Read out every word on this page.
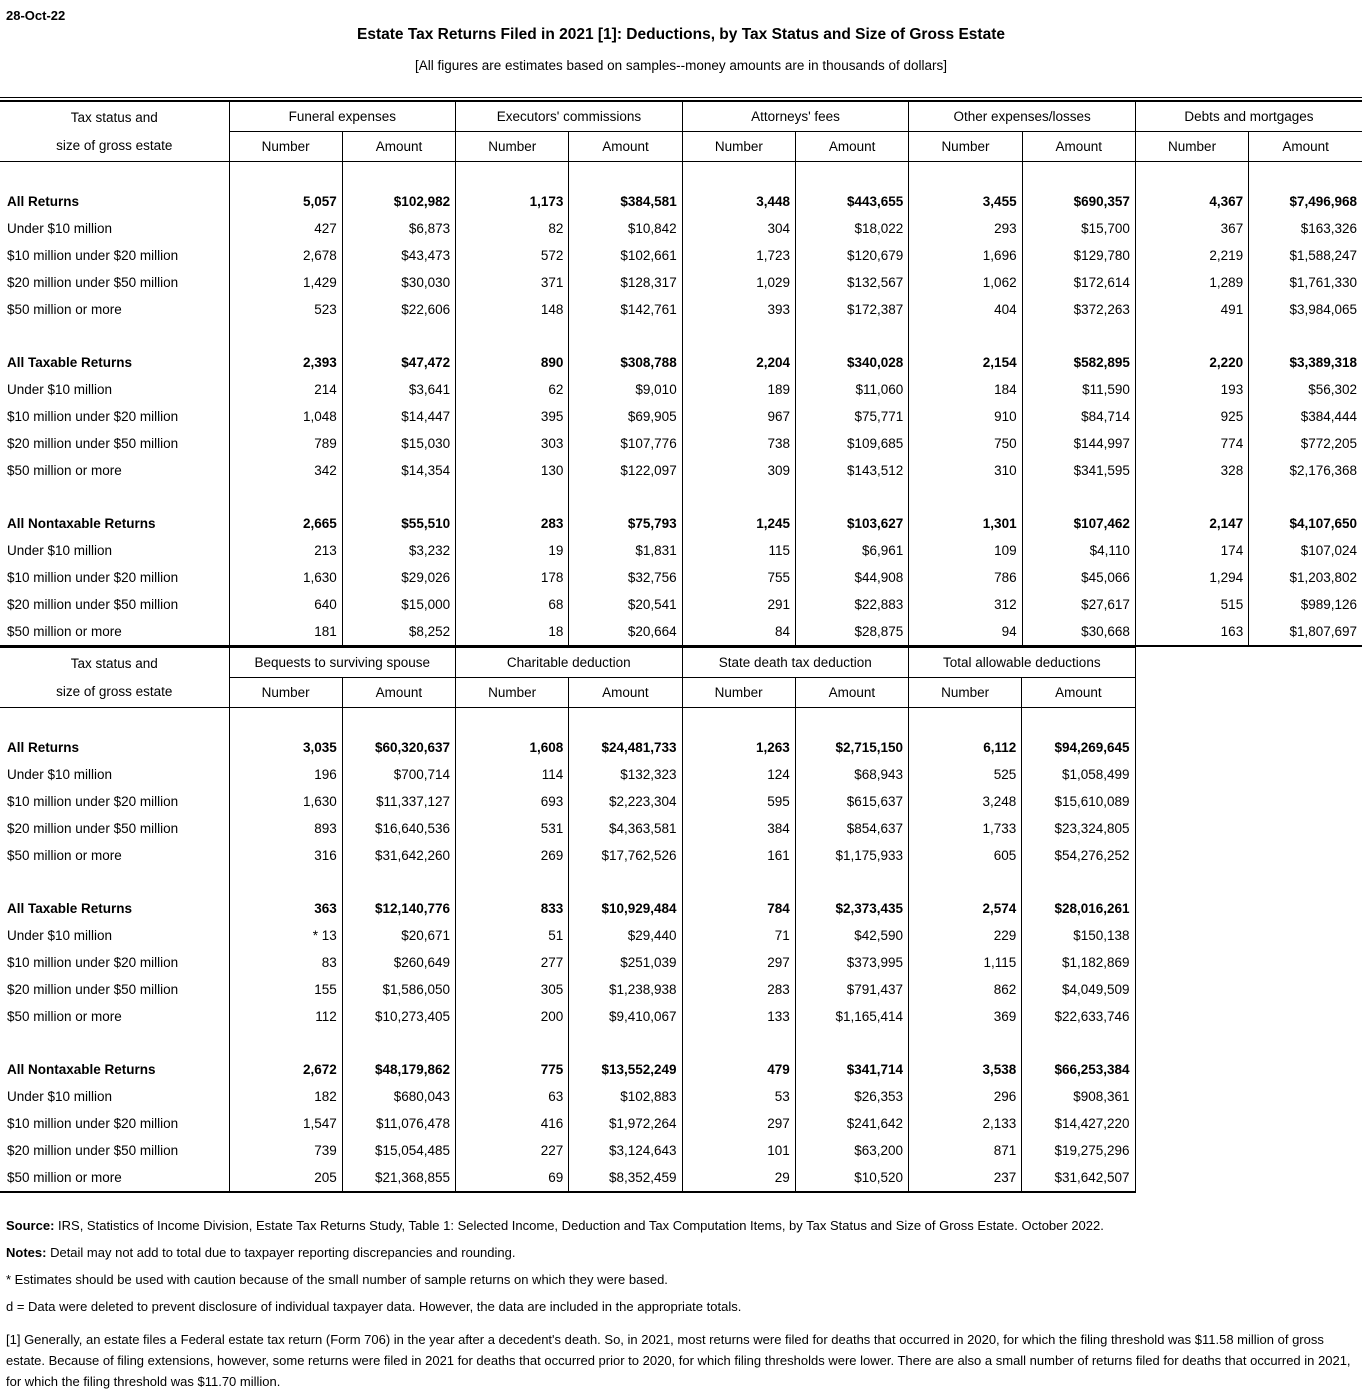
28-Oct-22
Estate Tax Returns Filed in 2021 [1]: Deductions, by Tax Status and Size of Gross Estate
[All figures are estimates based on samples--money amounts are in thousands of dollars]
Tax status and
size of gross estate	Funeral expenses		Executors' commissions		Attorneys' fees		Other expenses/losses		Debts and mortgages	
	Number	Amount	Number	Amount	Number	Amount	Number	Amount	Number	Amount

All Returns	5,057	$102,982	1,173	$384,581	3,448	$443,655	3,455	$690,357	4,367	$7,496,968
Under $10 million	427	$6,873	82	$10,842	304	$18,022	293	$15,700	367	$163,326
$10 million under $20 million	2,678	$43,473	572	$102,661	1,723	$120,679	1,696	$129,780	2,219	$1,588,247
$20 million under $50 million	1,429	$30,030	371	$128,317	1,029	$132,567	1,062	$172,614	1,289	$1,761,330
$50 million or more	523	$22,606	148	$142,761	393	$172,387	404	$372,263	491	$3,984,065

All Taxable Returns	2,393	$47,472	890	$308,788	2,204	$340,028	2,154	$582,895	2,220	$3,389,318
Under $10 million	214	$3,641	62	$9,010	189	$11,060	184	$11,590	193	$56,302
$10 million under $20 million	1,048	$14,447	395	$69,905	967	$75,771	910	$84,714	925	$384,444
$20 million under $50 million	789	$15,030	303	$107,776	738	$109,685	750	$144,997	774	$772,205
$50 million or more	342	$14,354	130	$122,097	309	$143,512	310	$341,595	328	$2,176,368

All Nontaxable Returns	2,665	$55,510	283	$75,793	1,245	$103,627	1,301	$107,462	2,147	$4,107,650
Under $10 million	213	$3,232	19	$1,831	115	$6,961	109	$4,110	174	$107,024
$10 million under $20 million	1,630	$29,026	178	$32,756	755	$44,908	786	$45,066	1,294	$1,203,802
$20 million under $50 million	640	$15,000	68	$20,541	291	$22,883	312	$27,617	515	$989,126
$50 million or more	181	$8,252	18	$20,664	84	$28,875	94	$30,668	163	$1,807,697
Tax status and
size of gross estate	Bequests to surviving spouse		Charitable deduction		State death tax deduction		Total allowable deductions	
	Number	Amount	Number	Amount	Number	Amount	Number	Amount

All Returns	3,035	$60,320,637	1,608	$24,481,733	1,263	$2,715,150	6,112	$94,269,645
Under $10 million	196	$700,714	114	$132,323	124	$68,943	525	$1,058,499
$10 million under $20 million	1,630	$11,337,127	693	$2,223,304	595	$615,637	3,248	$15,610,089
$20 million under $50 million	893	$16,640,536	531	$4,363,581	384	$854,637	1,733	$23,324,805
$50 million or more	316	$31,642,260	269	$17,762,526	161	$1,175,933	605	$54,276,252

All Taxable Returns	363	$12,140,776	833	$10,929,484	784	$2,373,435	2,574	$28,016,261
Under $10 million	* 13	$20,671	51	$29,440	71	$42,590	229	$150,138
$10 million under $20 million	83	$260,649	277	$251,039	297	$373,995	1,115	$1,182,869
$20 million under $50 million	155	$1,586,050	305	$1,238,938	283	$791,437	862	$4,049,509
$50 million or more	112	$10,273,405	200	$9,410,067	133	$1,165,414	369	$22,633,746

All Nontaxable Returns	2,672	$48,179,862	775	$13,552,249	479	$341,714	3,538	$66,253,384
Under $10 million	182	$680,043	63	$102,883	53	$26,353	296	$908,361
$10 million under $20 million	1,547	$11,076,478	416	$1,972,264	297	$241,642	2,133	$14,427,220
$20 million under $50 million	739	$15,054,485	227	$3,124,643	101	$63,200	871	$19,275,296
$50 million or more	205	$21,368,855	69	$8,352,459	29	$10,520	237	$31,642,507

Source: IRS, Statistics of Income Division, Estate Tax Returns Study, Table 1: Selected Income, Deduction and Tax Computation Items, by Tax Status and Size of Gross Estate. October 2022.

Notes: Detail may not add to total due to taxpayer reporting discrepancies and rounding.

* Estimates should be used with caution because of the small number of sample returns on which they were based.

d = Data were deleted to prevent disclosure of individual taxpayer data. However, the data are included in the appropriate totals.

[1] Generally, an estate files a Federal estate tax return (Form 706) in the year after a decedent's death. So, in 2021, most returns were filed for deaths that occurred in 2020, for which the filing threshold was $11.58 million of gross estate. Because of filing extensions, however, some returns were filed in 2021 for deaths that occurred prior to 2020, for which filing thresholds were lower. There are also a small number of returns filed for deaths that occurred in 2021, for which the filing threshold was $11.70 million.
